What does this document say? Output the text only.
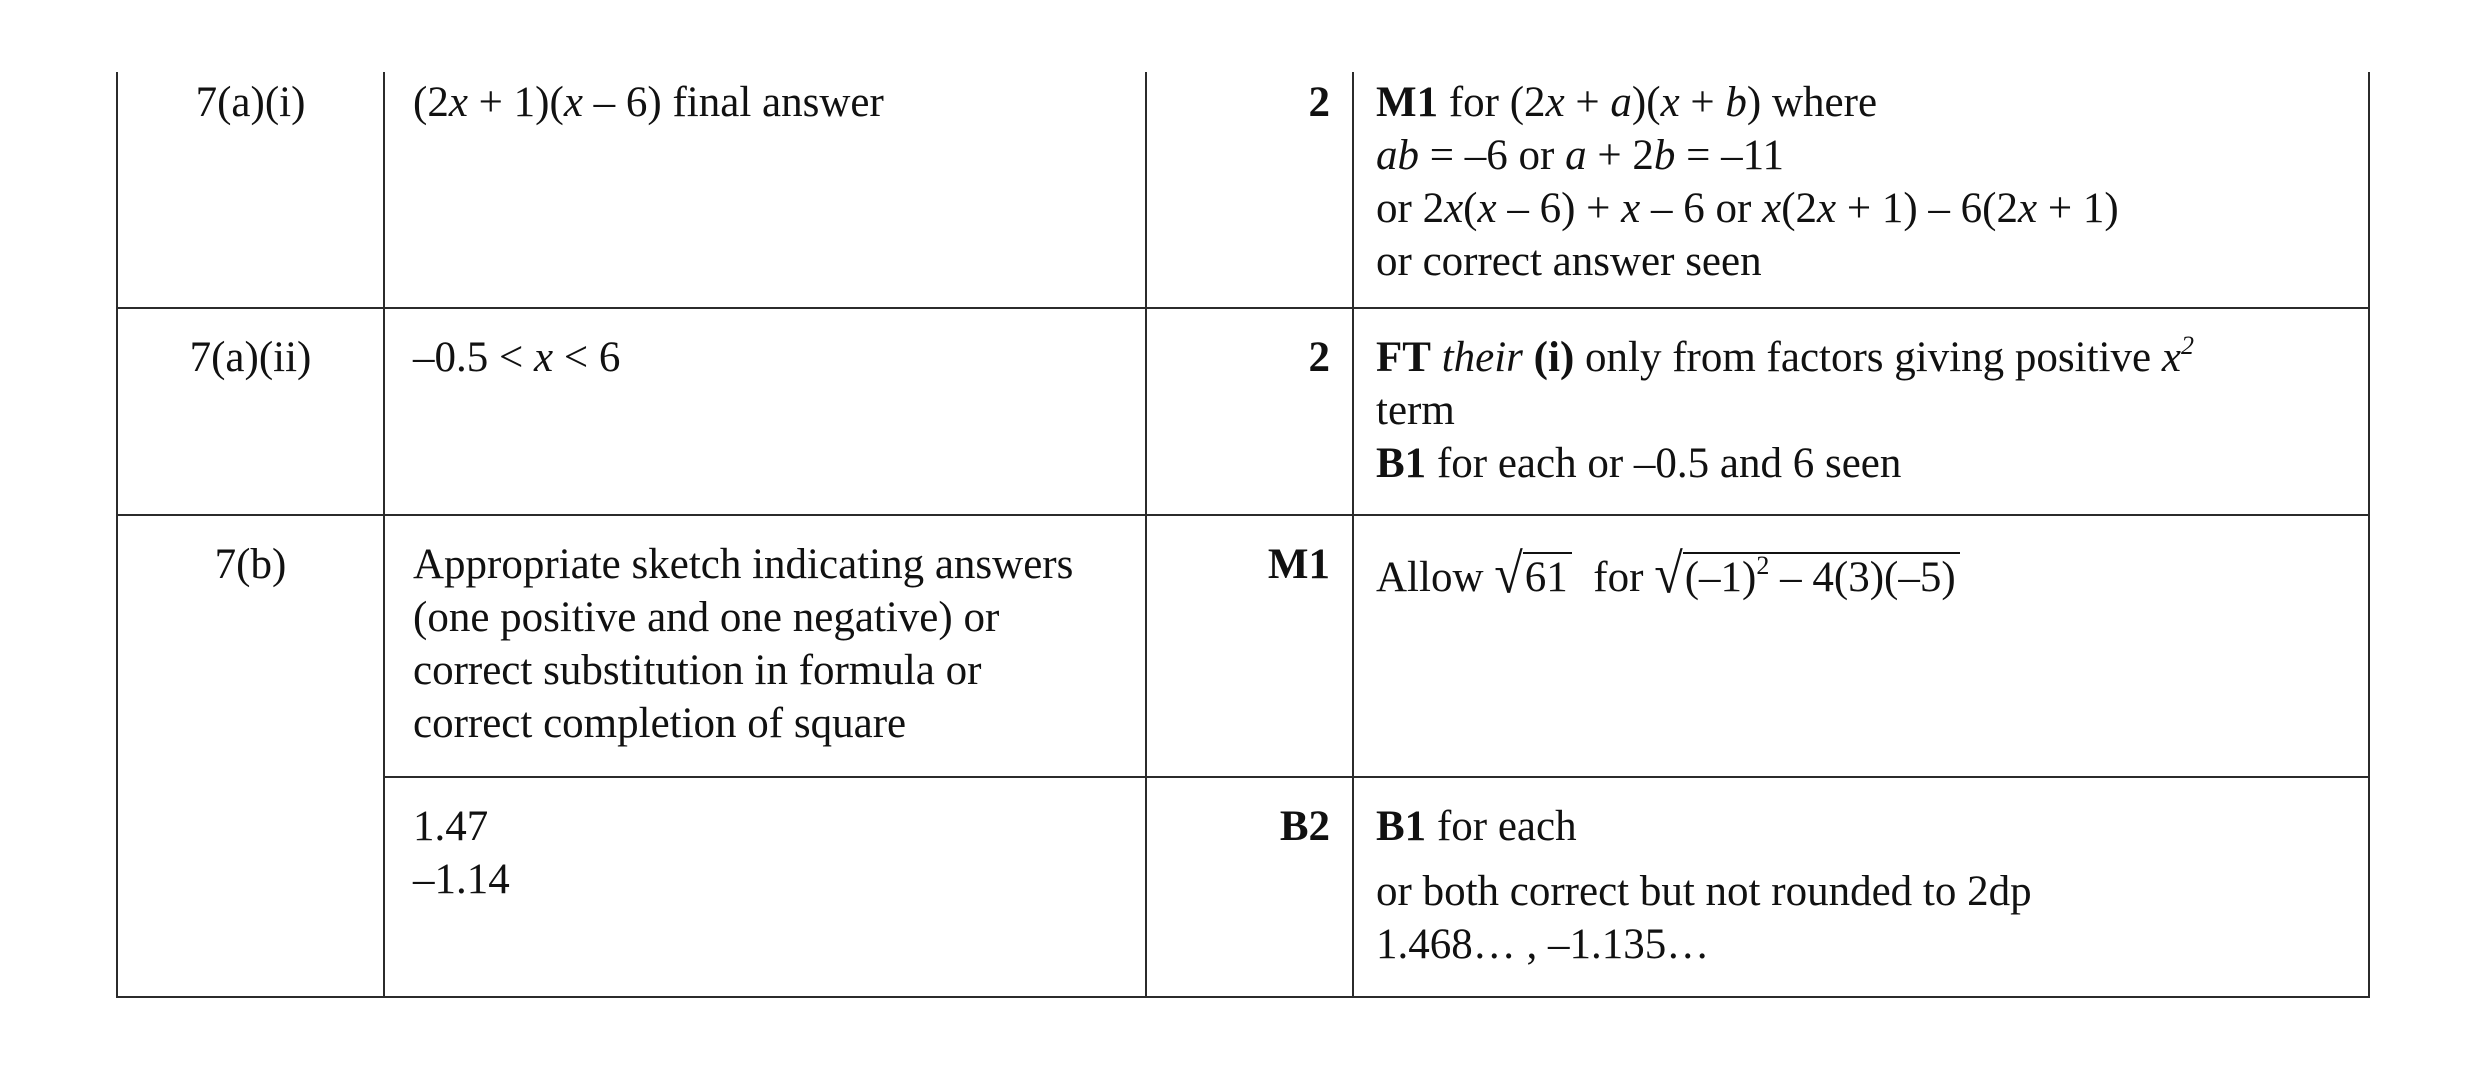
7(a)(i)	(2x + 1)(x – 6) final answer	2	M1 for (2x + a)(x + b) where
ab = –6 or a + 2b = –11
or 2x(x – 6) + x – 6 or x(2x + 1) – 6(2x + 1)
or correct answer seen

7(a)(ii)	–0.5 < x < 6	2	FT their (i) only from factors giving positive $x^2$
term
B1 for each or –0.5 and 6 seen

7(b)	Appropriate sketch indicating answers
(one positive and one negative) or
correct substitution in formula or
correct completion of square	M1	Allow √61  for $√(-1)^2 - 4(3)(-5)$

	1.47
–1.14	B2	B1 for each
or both correct but not rounded to 2dp
1.468… , –1.135…
